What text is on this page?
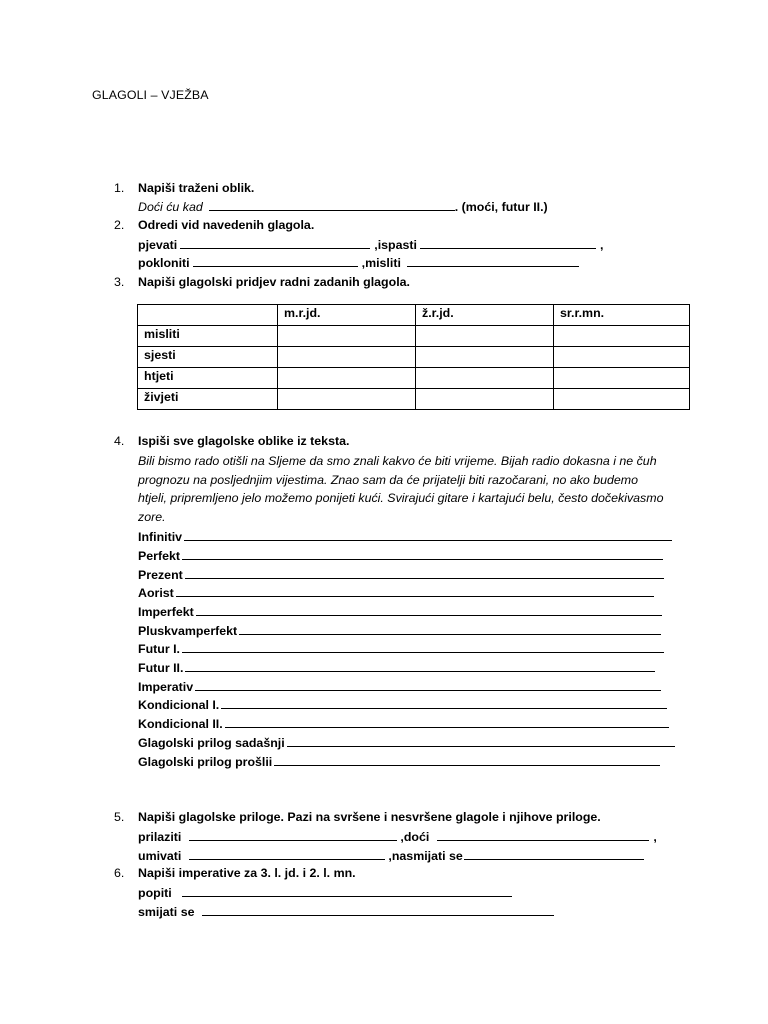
GLAGOLI – VJEŽBA
1.	Napiši traženi oblik.
Doći ću kad	. (moći, futur II.)
2.	Odredi vid navedenih glagola.
pjevati	, ispasti	,
pokloniti	, misliti
3.	Napiši glagolski pridjev radni zadanih glagola.
	m.r.jd.	ž.r.jd.	sr.r.mn.
misliti			
sjesti			
htjeti			
živjeti			
4.	Ispiši sve glagolske oblike iz teksta.
Bili bismo rado otišli na Sljeme da smo znali kakvo će biti vrijeme. Bijah radio dokasna i ne čuh prognozu na posljednjim vijestima. Znao sam da će prijatelji biti razočarani, no ako budemo htjeli, pripremljeno jelo možemo ponijeti kući. Svirajući gitare i kartajući belu, često dočekivasmo zore.
Infinitiv
Perfekt
Prezent
Aorist
Imperfekt
Pluskvamperfekt
Futur I.
Futur II.
Imperativ
Kondicional I.
Kondicional II.
Glagolski prilog sadašnji
Glagolski prilog prošlii
5.	Napiši glagolske priloge. Pazi na svršene i nesvršene glagole i njihove priloge.
prilaziti	, doći	,
umivati	, nasmijati se
6.	Napiši imperative za 3. l. jd. i 2. l. mn.
popiti
smijati se
